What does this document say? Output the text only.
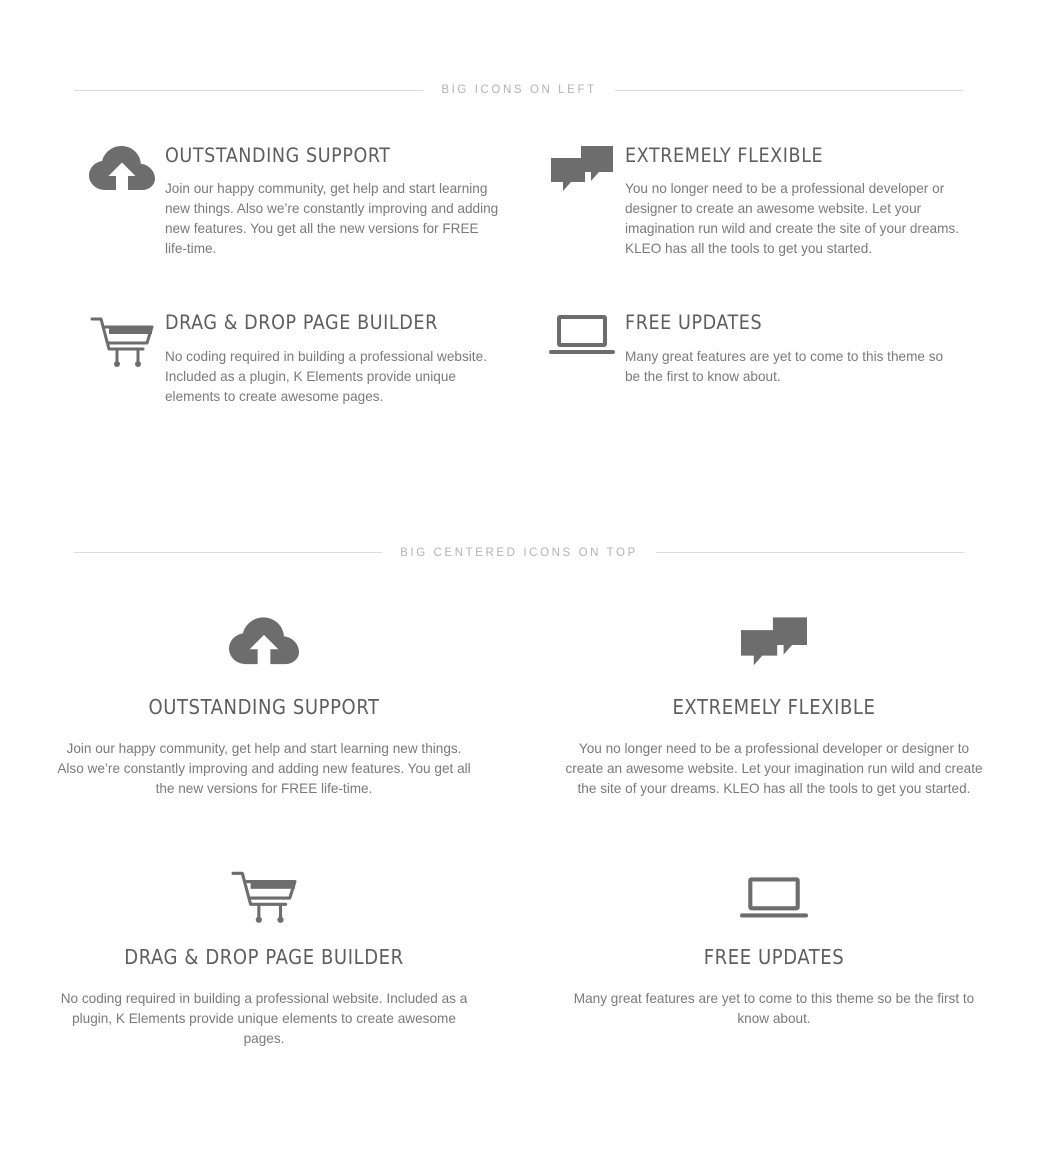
BIG ICONS ON LEFT
OUTSTANDING SUPPORT

Join our happy community, get help and start learning new things. Also we’re constantly improving and adding new features. You get all the new versions for FREE life-time.

EXTREMELY FLEXIBLE

You no longer need to be a professional developer or designer to create an awesome website. Let your imagination run wild and create the site of your dreams. KLEO has all the tools to get you started.

DRAG & DROP PAGE BUILDER

No coding required in building a professional website. Included as a plugin, K Elements provide unique elements to create awesome pages.

FREE UPDATES

Many great features are yet to come to this theme so be the first to know about.

BIG CENTERED ICONS ON TOP
OUTSTANDING SUPPORT

Join our happy community, get help and start learning new things. Also we’re constantly improving and adding new features. You get all the new versions for FREE life-time.

EXTREMELY FLEXIBLE

You no longer need to be a professional developer or designer to create an awesome website. Let your imagination run wild and create the site of your dreams. KLEO has all the tools to get you started.

DRAG & DROP PAGE BUILDER

No coding required in building a professional website. Included as a plugin, K Elements provide unique elements to create awesome pages.

FREE UPDATES

Many great features are yet to come to this theme so be the first to know about.
